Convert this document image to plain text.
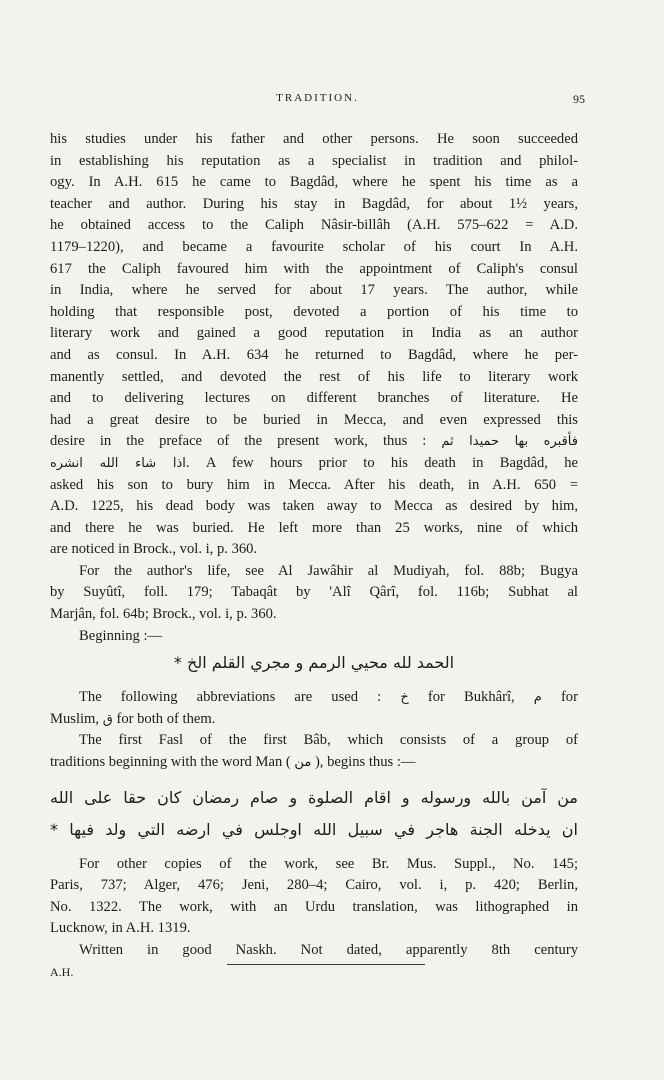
TRADITION.	95
his studies under his father and other persons. He soon succeeded
in establishing his reputation as a specialist in tradition and philol-
ogy. In A.H. 615 he came to Bagdâd, where he spent his time as a
teacher and author. During his stay in Bagdâd, for about 1½ years,
he obtained access to the Caliph Nâsir-billâh (A.H. 575–622 = A.D.
1179–1220), and became a favourite scholar of his court In A.H.
617 the Caliph favoured him with the appointment of Caliph's consul
in India, where he served for about 17 years. The author, while
holding that responsible post, devoted a portion of his time to
literary work and gained a good reputation in India as an author
and as consul. In A.H. 634 he returned to Bagdâd, where he per-
manently settled, and devoted the rest of his life to literary work
and to delivering lectures on different branches of literature. He
had a great desire to be buried in Mecca, and even expressed this
desire in the preface of the present work, thus : فأقبره بها حميدا ثم
اذا شاء الله انشره. A few hours prior to his death in Bagdâd, he
asked his son to bury him in Mecca. After his death, in A.H. 650 =
A.D. 1225, his dead body was taken away to Mecca as desired by him,
and there he was buried. He left more than 25 works, nine of which
are noticed in Brock., vol. i, p. 360.
For the author's life, see Al Jawâhir al Mudiyah, fol. 88b; Bugya
by Suyûtî, foll. 179; Tabaqât by 'Alî Qârî, fol. 116b; Subhat al
Marjân, fol. 64b; Brock., vol. i, p. 360.
Beginning :—
الحمد لله محيي الرمم و مجري القلم الخ *
The following abbreviations are used : خ for Bukhârî, م for
Muslim, ق for both of them.
The first Fasl of the first Bâb, which consists of a group of
traditions beginning with the word Man ( من ), begins thus :—
من آمن بالله ورسوله و اقام الصلوة و صام رمضان كان حقا على الله
ان يدخله الجنة هاجر في سبيل الله اوجلس في ارضه التي ولد فيها *
For other copies of the work, see Br. Mus. Suppl., No. 145;
Paris, 737; Alger, 476; Jeni, 280–4; Cairo, vol. i, p. 420; Berlin,
No. 1322. The work, with an Urdu translation, was lithographed in
Lucknow, in A.H. 1319.
Written in good Naskh. Not dated, apparently 8th century
A.H.
